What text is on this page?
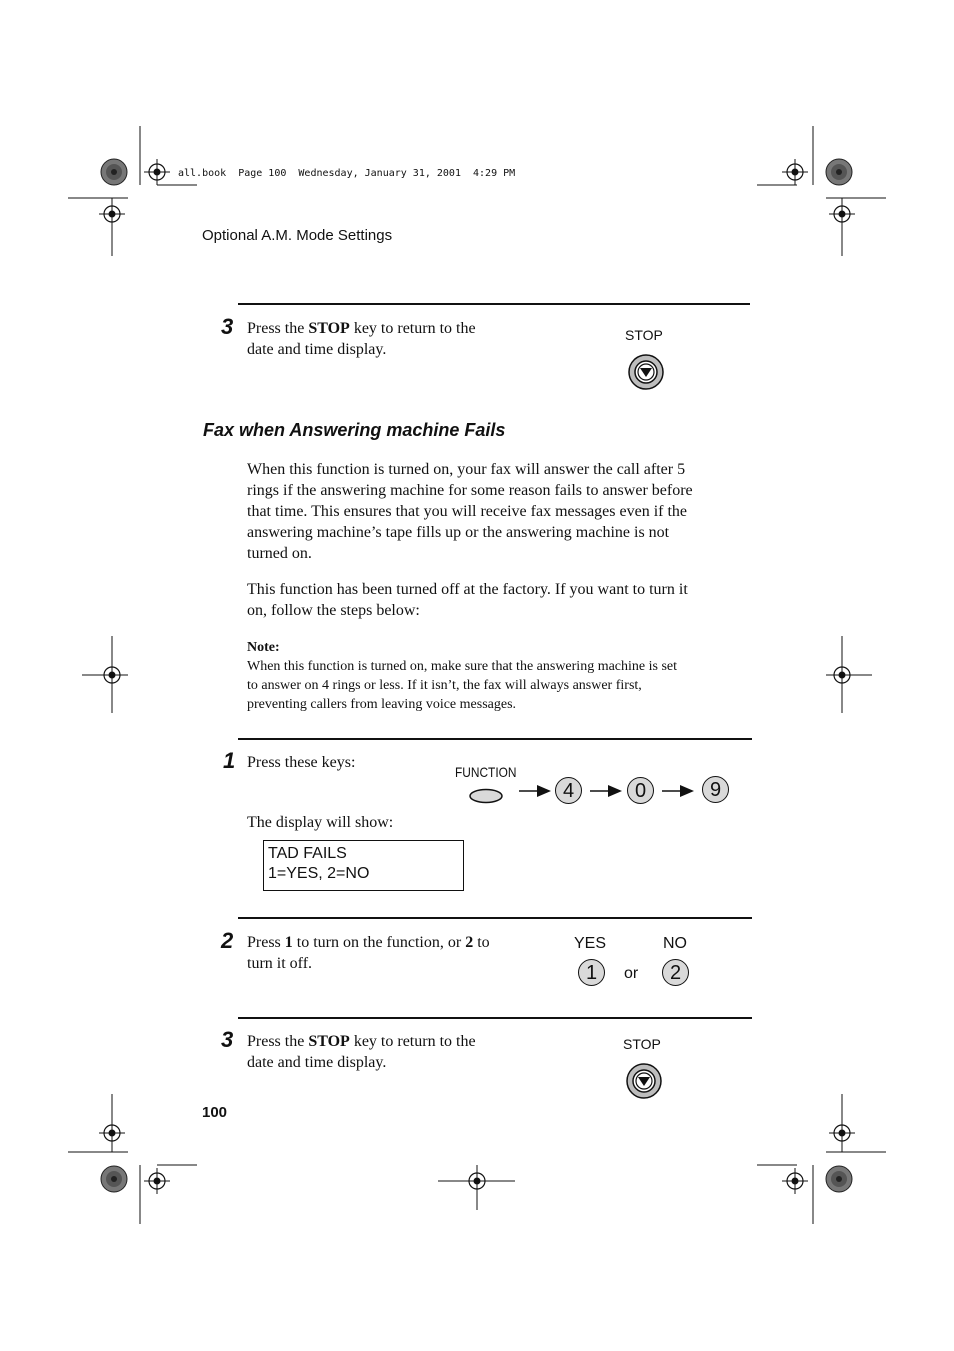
all.book  Page 100  Wednesday, January 31, 2001  4:29 PM
Optional A.M. Mode Settings
3 Press the STOP key to return to the
date and time display.
STOP
Fax when Answering machine Fails
When this function is turned on, your fax will answer the call after 5
rings if the answering machine for some reason fails to answer before
that time. This ensures that you will receive fax messages even if the
answering machine’s tape fills up or the answering machine is not
turned on.
This function has been turned off at the factory. If you want to turn it
on, follow the steps below:
Note:
When this function is turned on, make sure that the answering machine is set
to answer on 4 rings or less. If it isn’t, the fax will always answer first,
preventing callers from leaving voice messages.
1 Press these keys:
The display will show:
FUNCTION
4	0	9
TAD FAILS
1=YES, 2=NO
2 Press 1 to turn on the function, or 2 to
turn it off.
YES	NO
1	or	2
3 Press the STOP key to return to the
date and time display.
STOP
100
